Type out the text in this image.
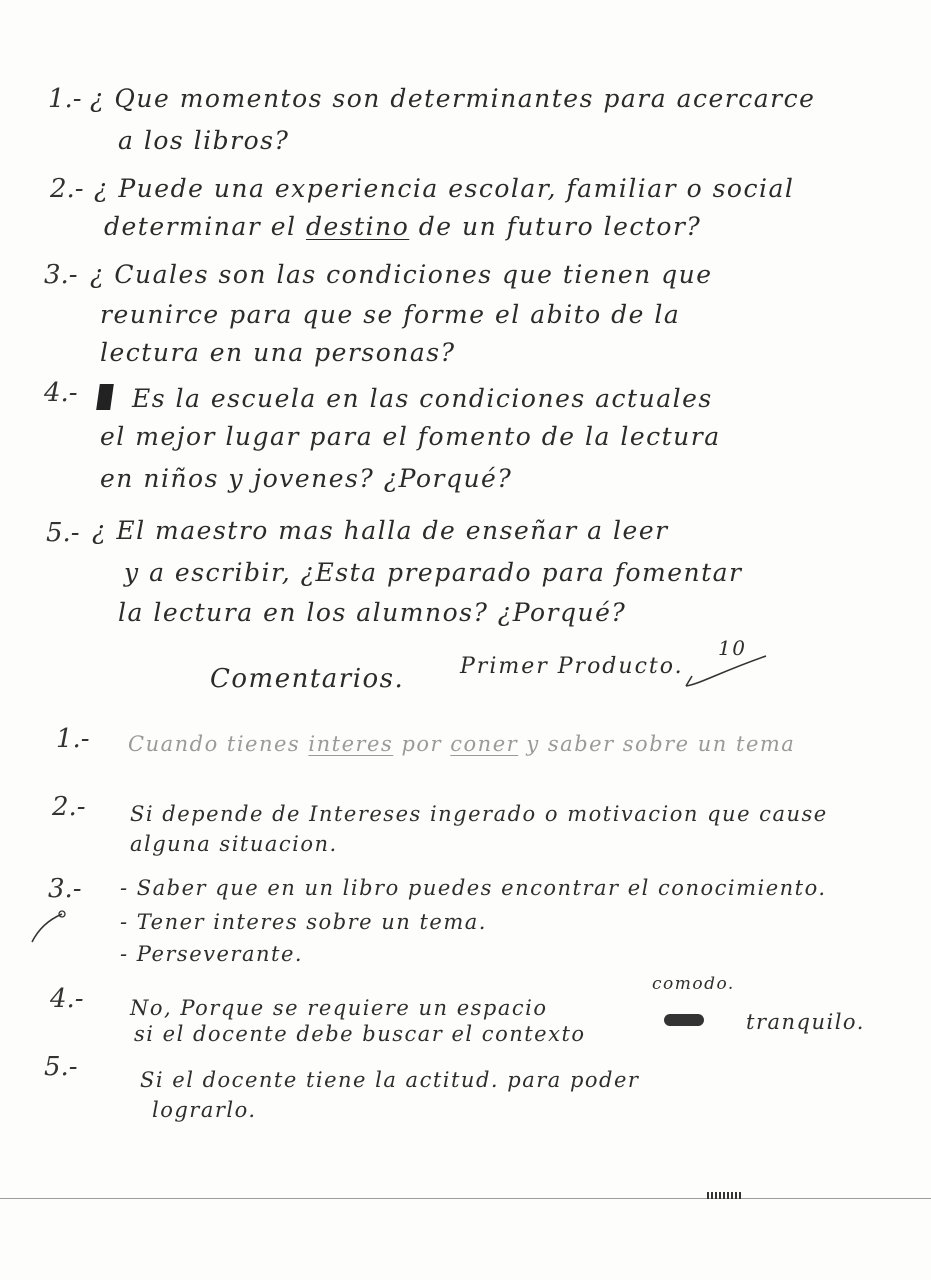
1.- ¿ Que momentos son determinantes para acercarce
a los libros?
2.- ¿ Puede una experiencia escolar, familiar o social
determinar el destino de un futuro lector?
3.- ¿ Cuales son las condiciones que tienen que
reunirce para que se forme el abito de la
lectura en una personas?
4.- Es la escuela en las condiciones actuales
el mejor lugar para el fomento de la lectura
en niños y jovenes? ¿Porqué?
5.- ¿ El maestro mas halla de enseñar a leer
y a escribir, ¿Esta preparado para fomentar
la lectura en los alumnos? ¿Porqué?
Comentarios.	Primer Producto.
10
1.- Cuando tienes interes por coner y saber sobre un tema
2.- Si depende de Intereses ingerado o motivacion que cause
alguna situacion.
3.- - Saber que en un libro puedes encontrar el conocimiento.
- Tener interes sobre un tema.
- Perseverante.
4.- No, Porque se requiere un espacio
comodo.
tranquilo.
si el docente debe buscar el contexto
5.-	Si el docente tiene la actitud. para poder
lograrlo.
